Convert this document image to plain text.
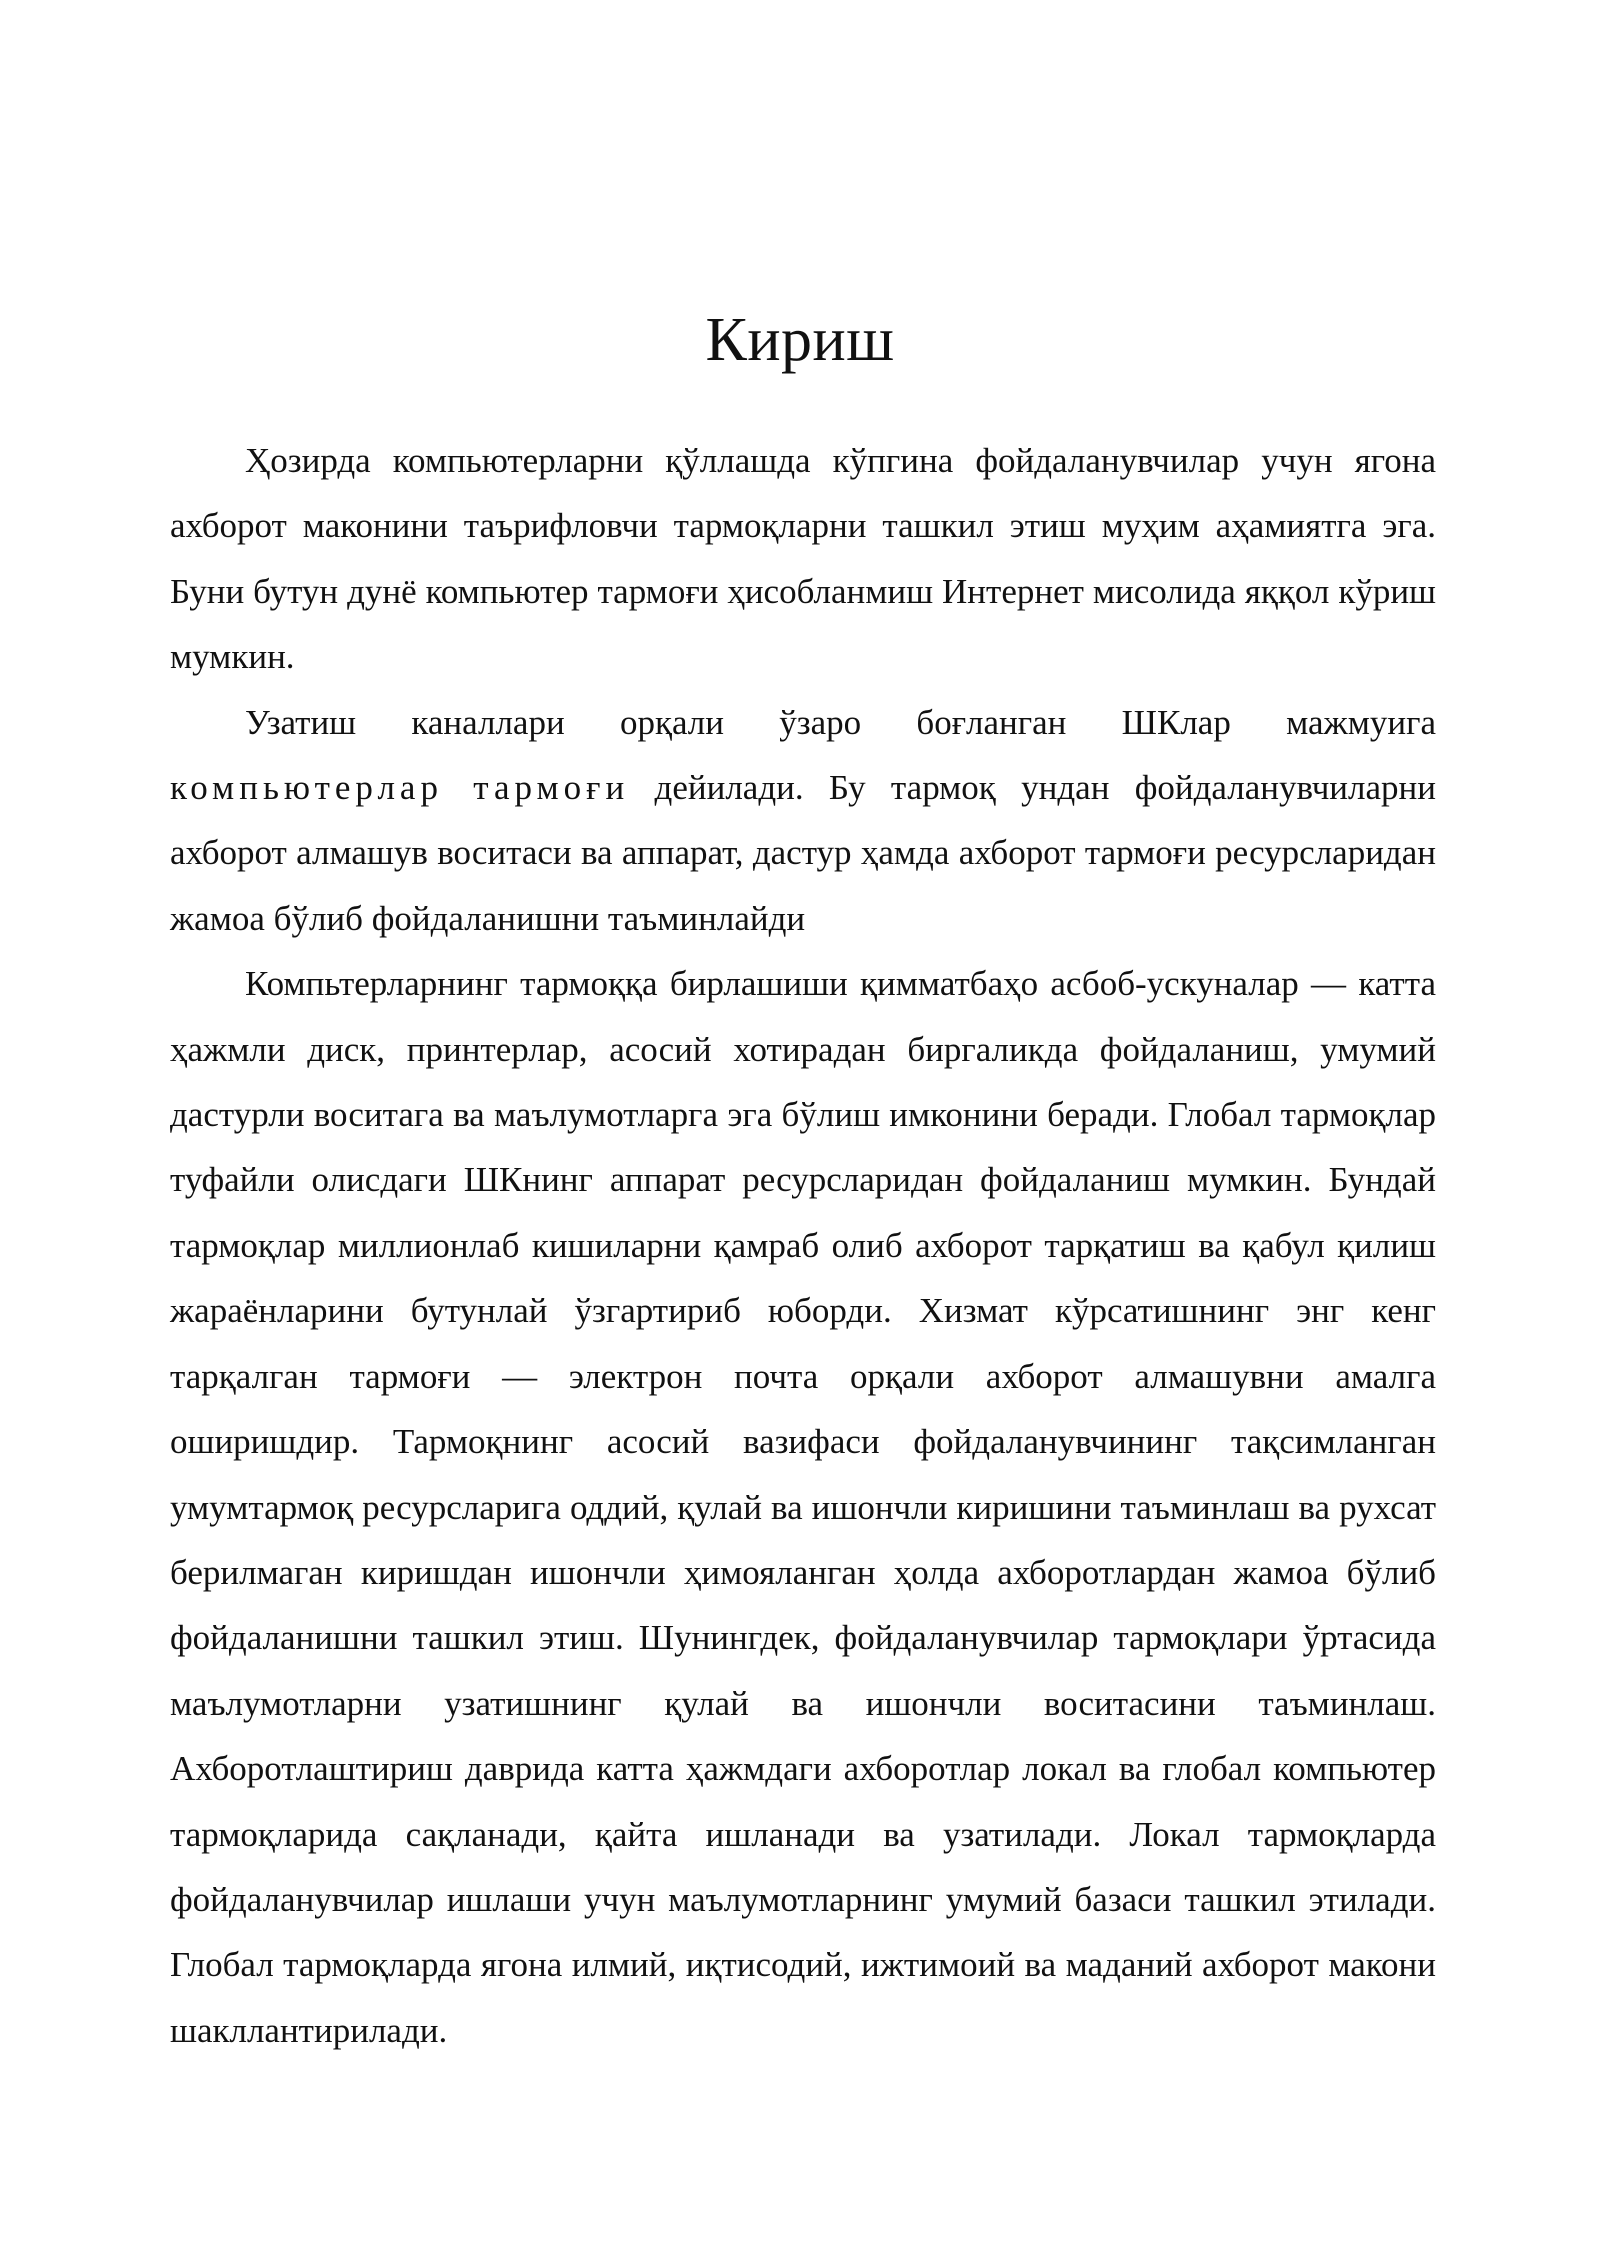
Кириш

Ҳозирда компьютерларни қўллашда кўпгина фойдаланувчилар учун ягона ахборот маконини таърифловчи тармоқларни ташкил этиш муҳим аҳамиятга эга. Буни бутун дунё компьютер тармоғи ҳисобланмиш Интернет мисолида яққол кўриш мумкин.

Узатиш каналлари орқали ўзаро боғланган ШКлар мажмуига компьютерлар тармоғи дейилади. Бу тармоқ ундан фойдаланувчиларни ахборот алмашув воситаси ва аппарат, дастур ҳамда ахборот тармоғи ресурсларидан жамоа бўлиб фойдаланишни таъминлайди

Компьтерларнинг тармоққа бирлашиши қимматбаҳо асбоб-ускуналар — катта ҳажмли диск, принтерлар, асосий хотирадан биргаликда фойдаланиш, умумий дастурли воситага ва маълумотларга эга бўлиш имконини беради. Глобал тармоқлар туфайли олисдаги ШКнинг аппарат ресурсларидан фойдаланиш мумкин. Бундай тармоқлар миллионлаб кишиларни қамраб олиб ахборот тарқатиш ва қабул қилиш жараёнларини бутунлай ўзгартириб юборди. Хизмат кўрсатишнинг энг кенг тарқалган тармоғи — электрон почта орқали ахборот алмашувни амалга оширишдир. Тармоқнинг асосий вазифаси фойдаланувчининг тақсимланган умумтармоқ ресурсларига оддий, қулай ва ишончли киришини таъминлаш ва рухсат берилмаган киришдан ишончли ҳимояланган ҳолда ахборотлардан жамоа бўлиб фойдаланишни ташкил этиш. Шунингдек, фойдаланувчилар тармоқлари ўртасида маълумотларни узатишнинг қулай ва ишончли воситасини таъминлаш. Ахборотлаштириш даврида катта ҳажмдаги ахборотлар локал ва глобал компьютер тармоқларида сақланади, қайта ишланади ва узатилади. Локал тармоқларда фойдаланувчилар ишлаши учун маълумотларнинг умумий базаси ташкил этилади. Глобал тармоқларда ягона илмий, иқтисодий, ижтимоий ва маданий ахборот макони шакллантирилади.
